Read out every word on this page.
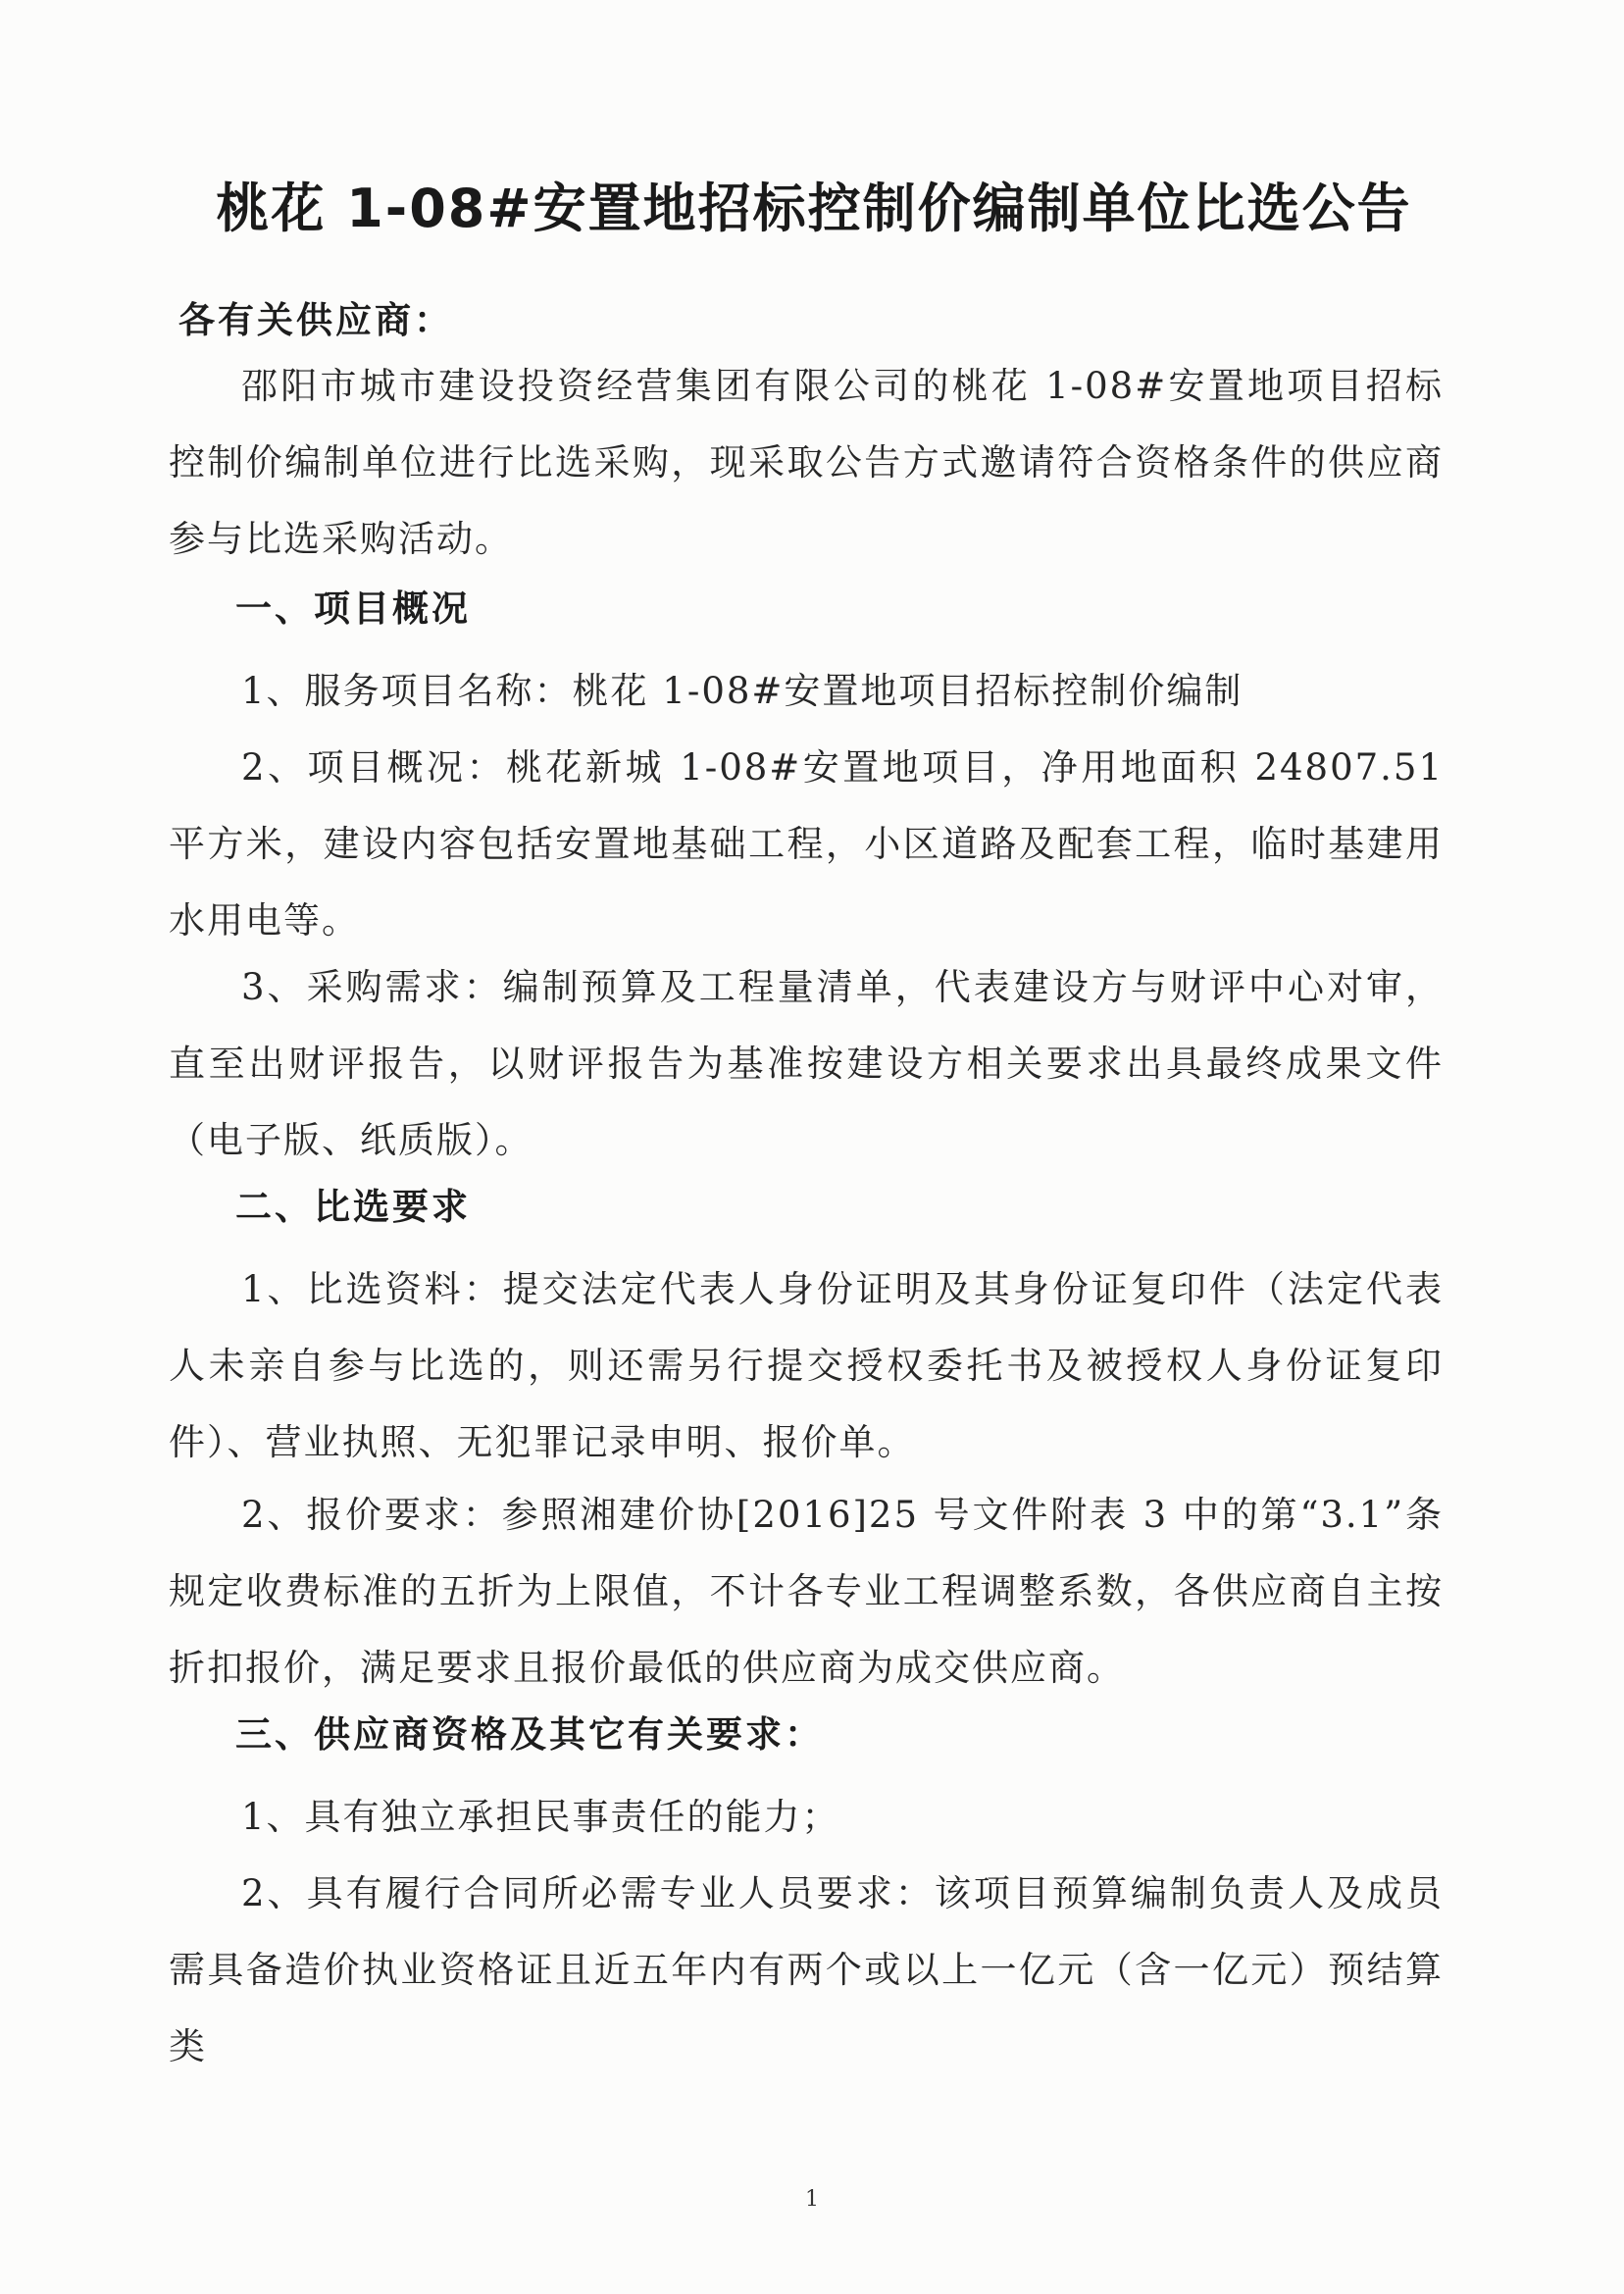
桃花 1-08#安置地招标控制价编制单位比选公告
各有关供应商：
邵阳市城市建设投资经营集团有限公司的桃花 1-08#安置地项目招标控制价编制单位进行比选采购，现采取公告方式邀请符合资格条件的供应商参与比选采购活动。
一、项目概况
1、服务项目名称：桃花 1-08#安置地项目招标控制价编制
2、项目概况：桃花新城 1-08#安置地项目，净用地面积 24807.51 平方米，建设内容包括安置地基础工程，小区道路及配套工程，临时基建用水用电等。
3、采购需求：编制预算及工程量清单，代表建设方与财评中心对审，直至出财评报告，以财评报告为基准按建设方相关要求出具最终成果文件（电子版、纸质版）。
二、比选要求
1、比选资料：提交法定代表人身份证明及其身份证复印件（法定代表人未亲自参与比选的，则还需另行提交授权委托书及被授权人身份证复印件）、营业执照、无犯罪记录申明、报价单。
2、报价要求：参照湘建价协[2016]25 号文件附表 3 中的第“3.1”条规定收费标准的五折为上限值，不计各专业工程调整系数，各供应商自主按折扣报价，满足要求且报价最低的供应商为成交供应商。
三、供应商资格及其它有关要求：
1、具有独立承担民事责任的能力；
2、具有履行合同所必需专业人员要求：该项目预算编制负责人及成员需具备造价执业资格证且近五年内有两个或以上一亿元（含一亿元）预结算类
1
